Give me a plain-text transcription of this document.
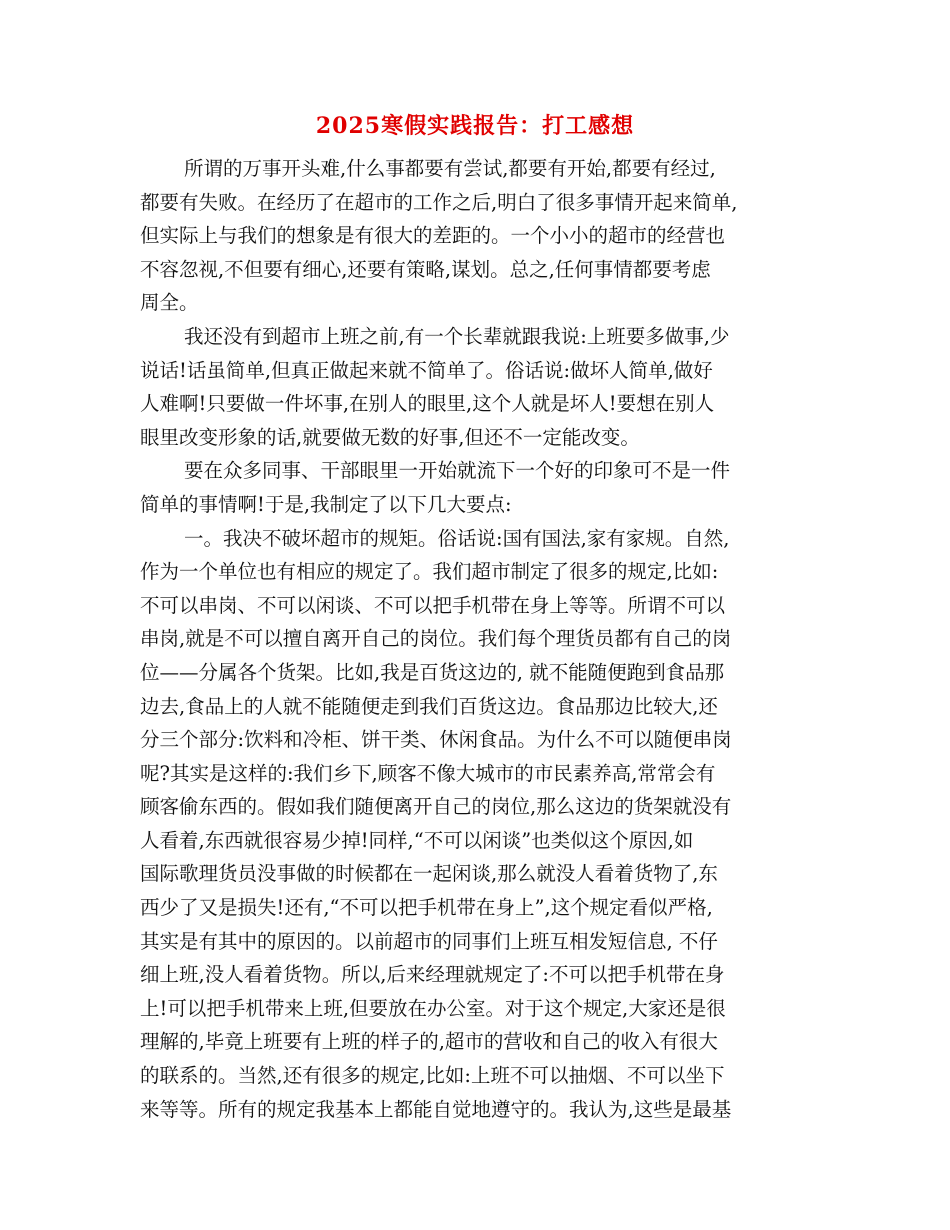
2025寒假实践报告：打工感想
所谓的万事开头难,什么事都要有尝试,都要有开始,都要有经过,
都要有失败。在经历了在超市的工作之后,明白了很多事情开起来简单,
但实际上与我们的想象是有很大的差距的。一个小小的超市的经营也
不容忽视,不但要有细心,还要有策略,谋划。总之,任何事情都要考虑
周全。
我还没有到超市上班之前,有一个长辈就跟我说:上班要多做事,少
说话!话虽简单,但真正做起来就不简单了。俗话说:做坏人简单,做好
人难啊!只要做一件坏事,在别人的眼里,这个人就是坏人!要想在别人
眼里改变形象的话,就要做无数的好事,但还不一定能改变。
要在众多同事、干部眼里一开始就流下一个好的印象可不是一件
简单的事情啊!于是,我制定了以下几大要点:
一。我决不破坏超市的规矩。俗话说:国有国法,家有家规。自然,
作为一个单位也有相应的规定了。我们超市制定了很多的规定,比如:
不可以串岗、不可以闲谈、不可以把手机带在身上等等。所谓不可以
串岗,就是不可以擅自离开自己的岗位。我们每个理货员都有自己的岗
位——分属各个货架。比如,我是百货这边的, 就不能随便跑到食品那
边去,食品上的人就不能随便走到我们百货这边。食品那边比较大,还
分三个部分:饮料和冷柜、饼干类、休闲食品。为什么不可以随便串岗
呢?其实是这样的:我们乡下,顾客不像大城市的市民素养高,常常会有
顾客偷东西的。假如我们随便离开自己的岗位,那么这边的货架就没有
人看着,东西就很容易少掉!同样,“不可以闲谈”也类似这个原因,如
国际歌理货员没事做的时候都在一起闲谈,那么就没人看着货物了,东
西少了又是损失!还有,“不可以把手机带在身上”,这个规定看似严格,
其实是有其中的原因的。以前超市的同事们上班互相发短信息, 不仔
细上班,没人看着货物。所以,后来经理就规定了:不可以把手机带在身
上!可以把手机带来上班,但要放在办公室。对于这个规定,大家还是很
理解的,毕竟上班要有上班的样子的,超市的营收和自己的收入有很大
的联系的。当然,还有很多的规定,比如:上班不可以抽烟、不可以坐下
来等等。所有的规定我基本上都能自觉地遵守的。我认为,这些是最基
